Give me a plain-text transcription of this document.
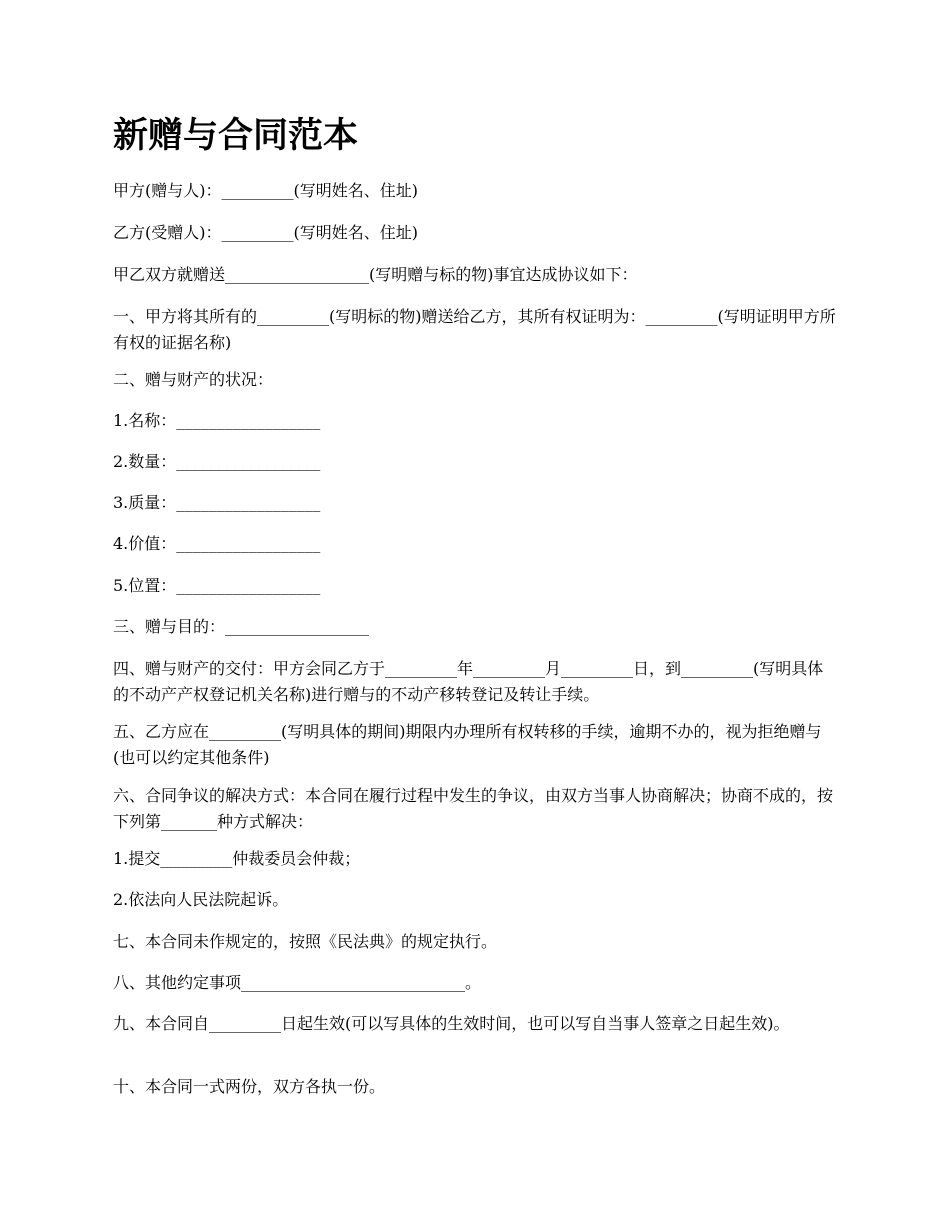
新赠与合同范本

甲方(赠与人)：_________(写明姓名、住址)

乙方(受赠人)：_________(写明姓名、住址)

甲乙双方就赠送__________________(写明赠与标的物)事宜达成协议如下：

一、甲方将其所有的_________(写明标的物)赠送给乙方，其所有权证明为：_________(写明证明甲方所有权的证据名称)

二、赠与财产的状况：

1.名称：__________________

2.数量：__________________

3.质量：__________________

4.价值：__________________

5.位置：__________________

三、赠与目的：__________________

四、赠与财产的交付：甲方会同乙方于_________年_________月_________日，到_________(写明具体的不动产产权登记机关名称)进行赠与的不动产移转登记及转让手续。

五、乙方应在_________(写明具体的期间)期限内办理所有权转移的手续，逾期不办的，视为拒绝赠与(也可以约定其他条件)

六、合同争议的解决方式：本合同在履行过程中发生的争议，由双方当事人协商解决；协商不成的，按下列第_______种方式解决：

1.提交_________仲裁委员会仲裁；

2.依法向人民法院起诉。

七、本合同未作规定的，按照《民法典》的规定执行。

八、其他约定事项____________________________。

九、本合同自_________日起生效(可以写具体的生效时间，也可以写自当事人签章之日起生效)。

十、本合同一式两份，双方各执一份。
